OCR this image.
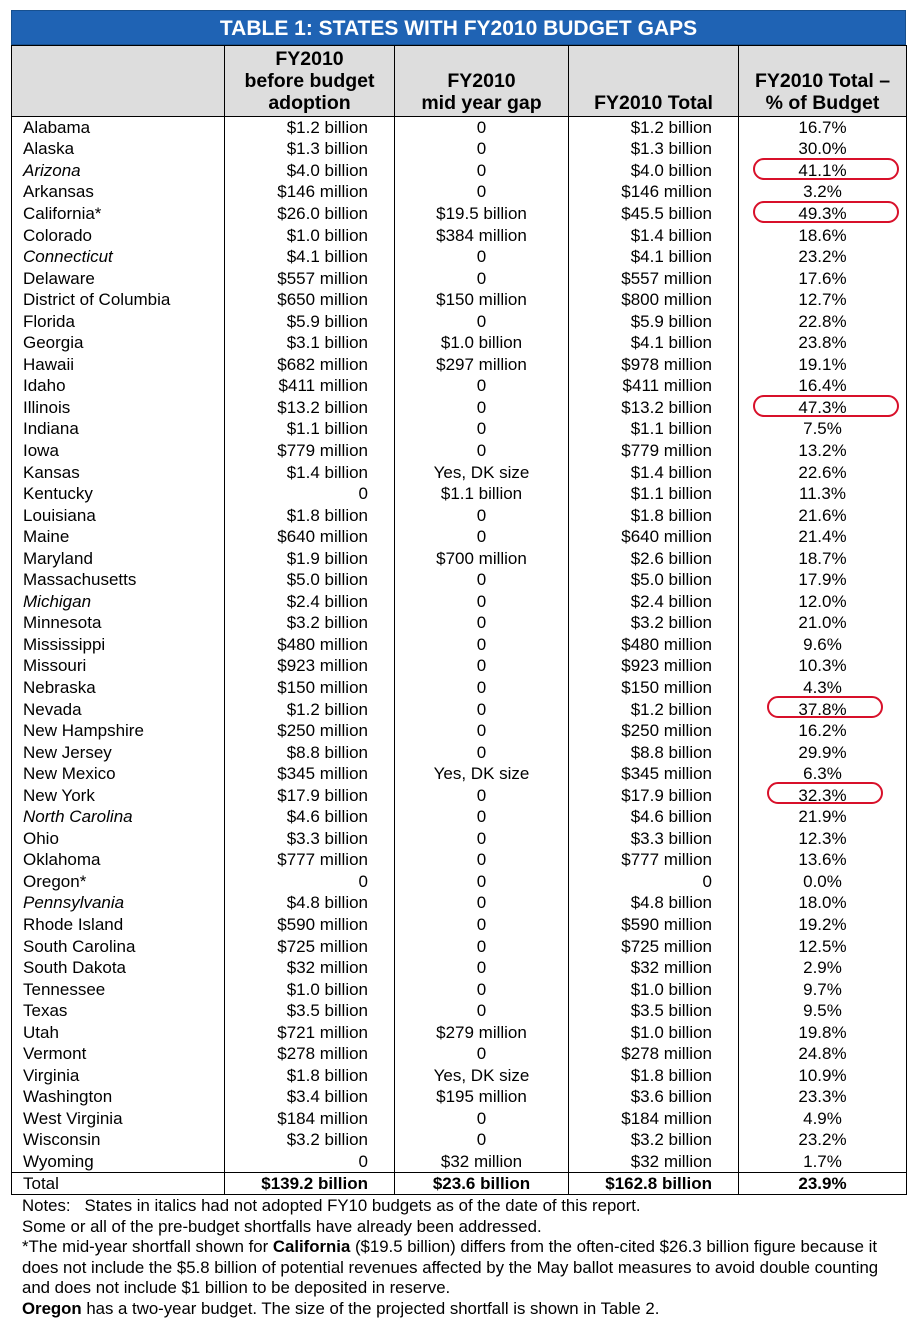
TABLE 1: STATES WITH FY2010 BUDGET GAPS
	FY2010
before budget
adoption	FY2010
mid year gap	FY2010 Total	FY2010 Total –
% of Budget
Alabama	$1.2 billion	0	$1.2 billion	16.7%
Alaska	$1.3 billion	0	$1.3 billion	30.0%
Arizona	$4.0 billion	0	$4.0 billion	41.1%

Arkansas	$146 million	0	$146 million	3.2%
California*	$26.0 billion	$19.5 billion	$45.5 billion	49.3%

Colorado	$1.0 billion	$384 million	$1.4 billion	18.6%
Connecticut	$4.1 billion	0	$4.1 billion	23.2%
Delaware	$557 million	0	$557 million	17.6%
District of Columbia	$650 million	$150 million	$800 million	12.7%
Florida	$5.9 billion	0	$5.9 billion	22.8%
Georgia	$3.1 billion	$1.0 billion	$4.1 billion	23.8%
Hawaii	$682 million	$297 million	$978 million	19.1%
Idaho	$411 million	0	$411 million	16.4%
Illinois	$13.2 billion	0	$13.2 billion	47.3%

Indiana	$1.1 billion	0	$1.1 billion	7.5%
Iowa	$779 million	0	$779 million	13.2%
Kansas	$1.4 billion	Yes, DK size	$1.4 billion	22.6%
Kentucky	0	$1.1 billion	$1.1 billion	11.3%
Louisiana	$1.8 billion	0	$1.8 billion	21.6%
Maine	$640 million	0	$640 million	21.4%
Maryland	$1.9 billion	$700 million	$2.6 billion	18.7%
Massachusetts	$5.0 billion	0	$5.0 billion	17.9%
Michigan	$2.4 billion	0	$2.4 billion	12.0%
Minnesota	$3.2 billion	0	$3.2 billion	21.0%
Mississippi	$480 million	0	$480 million	9.6%
Missouri	$923 million	0	$923 million	10.3%
Nebraska	$150 million	0	$150 million	4.3%
Nevada	$1.2 billion	0	$1.2 billion	37.8%

New Hampshire	$250 million	0	$250 million	16.2%
New Jersey	$8.8 billion	0	$8.8 billion	29.9%
New Mexico	$345 million	Yes, DK size	$345 million	6.3%
New York	$17.9 billion	0	$17.9 billion	32.3%

North Carolina	$4.6 billion	0	$4.6 billion	21.9%
Ohio	$3.3 billion	0	$3.3 billion	12.3%
Oklahoma	$777 million	0	$777 million	13.6%
Oregon*	0	0	0	0.0%
Pennsylvania	$4.8 billion	0	$4.8 billion	18.0%
Rhode Island	$590 million	0	$590 million	19.2%
South Carolina	$725 million	0	$725 million	12.5%
South Dakota	$32 million	0	$32 million	2.9%
Tennessee	$1.0 billion	0	$1.0 billion	9.7%
Texas	$3.5 billion	0	$3.5 billion	9.5%
Utah	$721 million	$279 million	$1.0 billion	19.8%
Vermont	$278 million	0	$278 million	24.8%
Virginia	$1.8 billion	Yes, DK size	$1.8 billion	10.9%
Washington	$3.4 billion	$195 million	$3.6 billion	23.3%
West Virginia	$184 million	0	$184 million	4.9%
Wisconsin	$3.2 billion	0	$3.2 billion	23.2%
Wyoming	0	$32 million	$32 million	1.7%
Total	$139.2 billion	$23.6 billion	$162.8 billion	23.9%

Notes: States in italics had not adopted FY10 budgets as of the date of this report.

Some or all of the pre-budget shortfalls have already been addressed.

*The mid-year shortfall shown for California ($19.5 billion) differs from the often-cited $26.3 billion figure because it does not include the $5.8 billion of potential revenues affected by the May ballot measures to avoid double counting and does not include $1 billion to be deposited in reserve.

Oregon has a two-year budget. The size of the projected shortfall is shown in Table 2.
